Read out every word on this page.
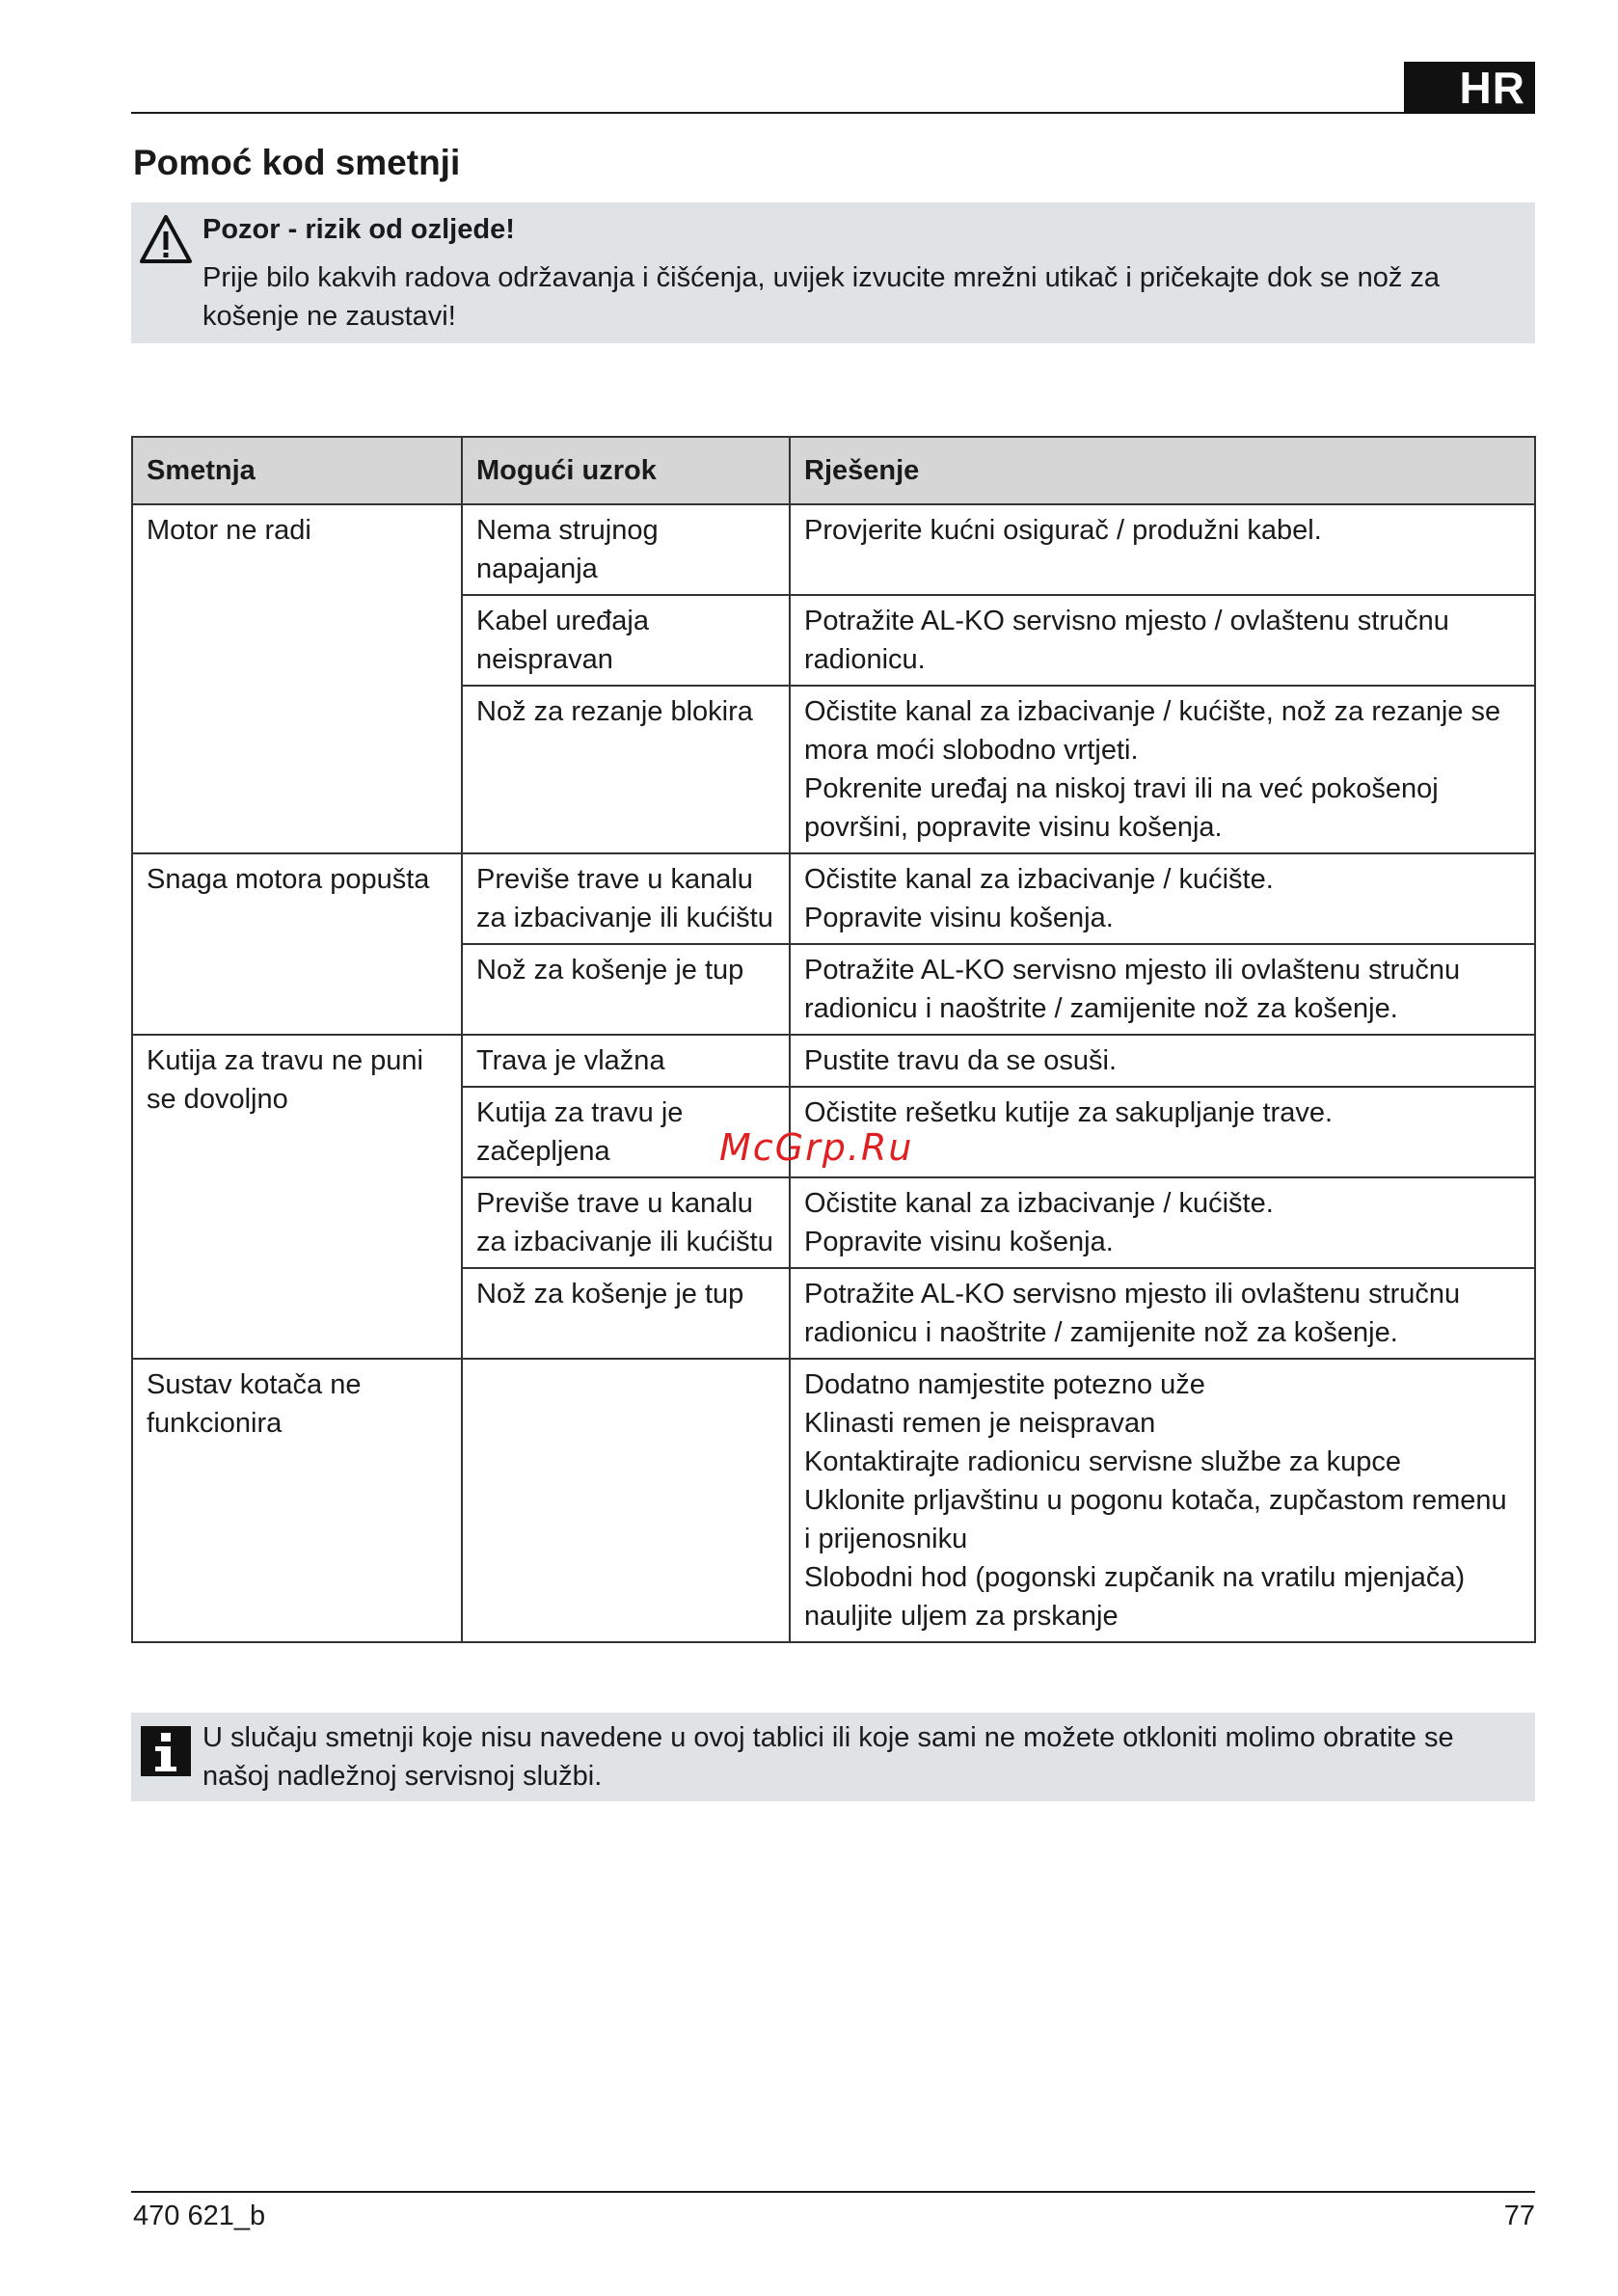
HR
Pomoć kod smetnji
Pozor - rizik od ozljede!
Prije bilo kakvih radova održavanja i čišćenja, uvijek izvucite mrežni utikač i pričekajte dok se nož za košenje ne zaustavi!
Smetnja	Mogući uzrok	Rješenje
Motor ne radi	Nema strujnog napajanja	Provjerite kućni osigurač / produžni kabel.

	Kabel uređaja neispravan	Potražite AL-KO servisno mjesto / ovlaštenu stručnu radionicu.

	Nož za rezanje blokira	Očistite kanal za izbacivanje / kućište, nož za rezanje se mora moći slobodno vrtjeti.
Pokrenite uređaj na niskoj travi ili na već pokošenoj površini, popravite visinu košenja.

Snaga motora popušta	Previše trave u kanalu za izbacivanje ili kućištu	Očistite kanal za izbacivanje / kućište.
Popravite visinu košenja.

	Nož za košenje je tup	Potražite AL-KO servisno mjesto ili ovlaštenu stručnu radionicu i naoštrite / zamijenite nož za košenje.

Kutija za travu ne puni se dovoljno	Trava je vlažna	Pustite travu da se osuši.

	Kutija za travu je začepljena	Očistite rešetku kutije za sakupljanje trave.

	Previše trave u kanalu za izbacivanje ili kućištu	Očistite kanal za izbacivanje / kućište.
Popravite visinu košenja.

	Nož za košenje je tup	Potražite AL-KO servisno mjesto ili ovlaštenu stručnu radionicu i naoštrite / zamijenite nož za košenje.

Sustav kotača ne funkcionira		Dodatno namjestite potezno uže
Klinasti remen je neispravan
Kontaktirajte radionicu servisne službe za kupce
Uklonite prljavštinu u pogonu kotača, zupčastom remenu i prijenosniku
Slobodni hod (pogonski zupčanik na vratilu mjenjača) nauljite uljem za prskanje
McGrp.Ru
U slučaju smetnji koje nisu navedene u ovoj tablici ili koje sami ne možete otkloniti molimo obratite se našoj nadležnoj servisnoj službi.
470 621_b	77
